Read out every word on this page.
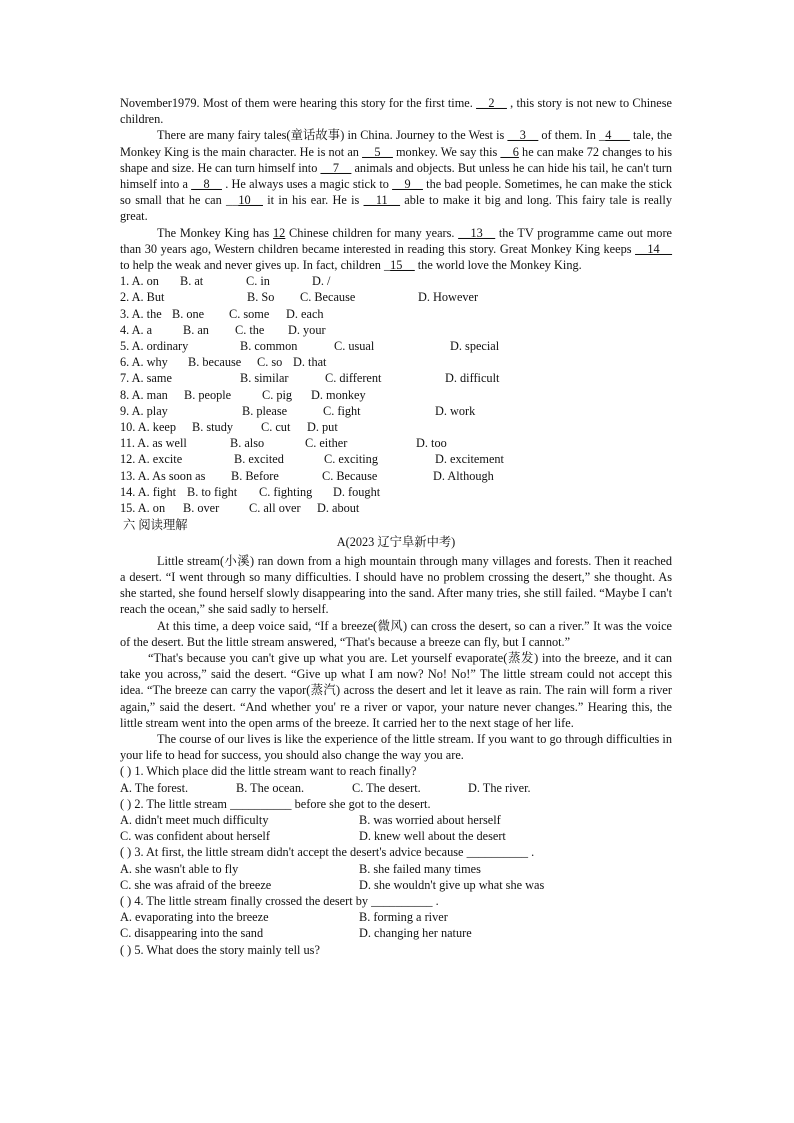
November1979. Most of them were hearing this story for the first time. __2__ , this story is not new to Chinese children.

There are many fairy tales(童话故事) in China. Journey to the West is __3__ of them. In _4___ tale, the Monkey King is the main character. He is not an __5__ monkey. We say this __6 he can make 72 changes to his shape and size. He can turn himself into __7__ animals and objects. But unless he can hide his tail, he can't turn himself into a __8__ . He always uses a magic stick to __9__ the bad people. Sometimes, he can make the stick so small that he can __10__ it in his ear. He is __11__ able to make it big and long. This fairy tale is really great.

The Monkey King has 12 Chinese children for many years. __13__ the TV programme came out more than 30 years ago, Western children became interested in reading this story. Great Monkey King keeps __14__ to help the weak and never gives up. In fact, children _15__ the world love the Monkey King.

1. A. on	B. at	C. in	D. /
2. A. But	B. So	C. Because	D. However
3. A. the B. one	C. some	D. each
4. A. a	B. an	C. the	D. your
5. A. ordinary	B. common	C. usual	D. special
6. A. why	B. because	C. so D. that
7. A. same	B. similar	C. different	D. difficult
8. A. man	B. people	C. pig	D. monkey
9. A. play	B. please	C. fight	D. work
10. A. keep	B. study	C. cut	D. put
11. A. as well	B. also	C. either	D. too
12. A. excite	B. excited	C. exciting	D. excitement
13. A. As soon as	B. Before	C. Because	D. Although
14. A. fight B. to fight	C. fighting	D. fought
15. A. on	B. over	C. all over	D. about
六 阅读理解
A(2023 辽宁阜新中考)

Little stream(小溪) ran down from a high mountain through many villages and forests. Then it reached a desert. “I went through so many difficulties. I should have no problem crossing the desert,” she thought. As she started, she found herself slowly disappearing into the sand. After many tries, she still failed. “Maybe I can't reach the ocean,” she said sadly to herself.

At this time, a deep voice said, “If a breeze(微风) can cross the desert, so can a river.” It was the voice of the desert. But the little stream answered, “That's because a breeze can fly, but I cannot.”

“That's because you can't give up what you are. Let yourself evaporate(蒸发) into the breeze, and it can take you across,” said the desert. “Give up what I am now? No! No!” The little stream could not accept this idea. “The breeze can carry the vapor(蒸汽) across the desert and let it leave as rain. The rain will form a river again,” said the desert. “And whether you' re a river or vapor, your nature never changes.” Hearing this, the little stream went into the open arms of the breeze. It carried her to the next stage of her life.

The course of our lives is like the experience of the little stream. If you want to go through difficulties in your life to head for success, you should also change the way you are.

( ) 1. Which place did the little stream want to reach finally?
A. The forest.	B. The ocean.	C. The desert.	D. The river.
( ) 2. The little stream __________ before she got to the desert.
A. didn't meet much difficulty	B. was worried about herself
C. was confident about herself	D. knew well about the desert
( ) 3. At first, the little stream didn't accept the desert's advice because __________ .
A. she wasn't able to fly	B. she failed many times
C. she was afraid of the breeze	D. she wouldn't give up what she was
( ) 4. The little stream finally crossed the desert by __________ .
A. evaporating into the breeze	B. forming a river
C. disappearing into the sand	D. changing her nature
( ) 5. What does the story mainly tell us?
